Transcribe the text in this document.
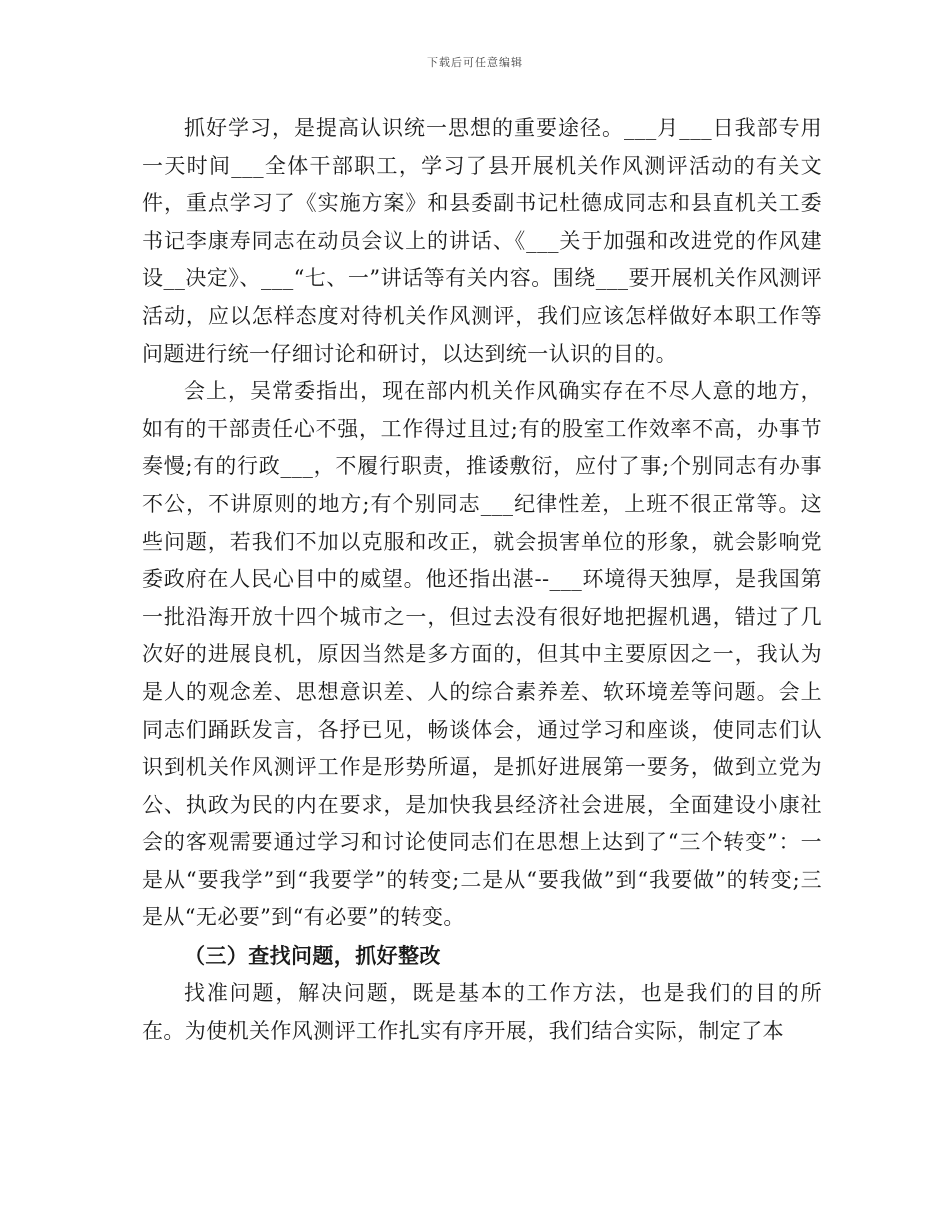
下载后可任意编辑

抓好学习，是提高认识统一思想的重要途径。___月___日我部专用一天时间___全体干部职工，学习了县开展机关作风测评活动的有关文件，重点学习了《实施方案》和县委副书记杜德成同志和县直机关工委书记李康寿同志在动员会议上的讲话、《___关于加强和改进党的作风建设__决定》、___“七、一”讲话等有关内容。围绕___要开展机关作风测评活动，应以怎样态度对待机关作风测评，我们应该怎样做好本职工作等问题进行统一仔细讨论和研讨，以达到统一认识的目的。

会上，吴常委指出，现在部内机关作风确实存在不尽人意的地方，如有的干部责任心不强，工作得过且过;有的股室工作效率不高，办事节奏慢;有的行政___，不履行职责，推诿敷衍，应付了事;个别同志有办事不公，不讲原则的地方;有个别同志___纪律性差，上班不很正常等。这些问题，若我们不加以克服和改正，就会损害单位的形象，就会影响党委政府在人民心目中的威望。他还指出湛--___环境得天独厚，是我国第一批沿海开放十四个城市之一，但过去没有很好地把握机遇，错过了几次好的进展良机，原因当然是多方面的，但其中主要原因之一，我认为是人的观念差、思想意识差、人的综合素养差、软环境差等问题。会上同志们踊跃发言，各抒已见，畅谈体会，通过学习和座谈，使同志们认识到机关作风测评工作是形势所逼，是抓好进展第一要务，做到立党为公、执政为民的内在要求，是加快我县经济社会进展，全面建设小康社会的客观需要通过学习和讨论使同志们在思想上达到了“三个转变”：一是从“要我学”到“我要学”的转变;二是从“要我做”到“我要做”的转变;三是从“无必要”到“有必要”的转变。

（三）查找问题，抓好整改

找准问题，解决问题，既是基本的工作方法，也是我们的目的所在。为使机关作风测评工作扎实有序开展，我们结合实际，制定了本
